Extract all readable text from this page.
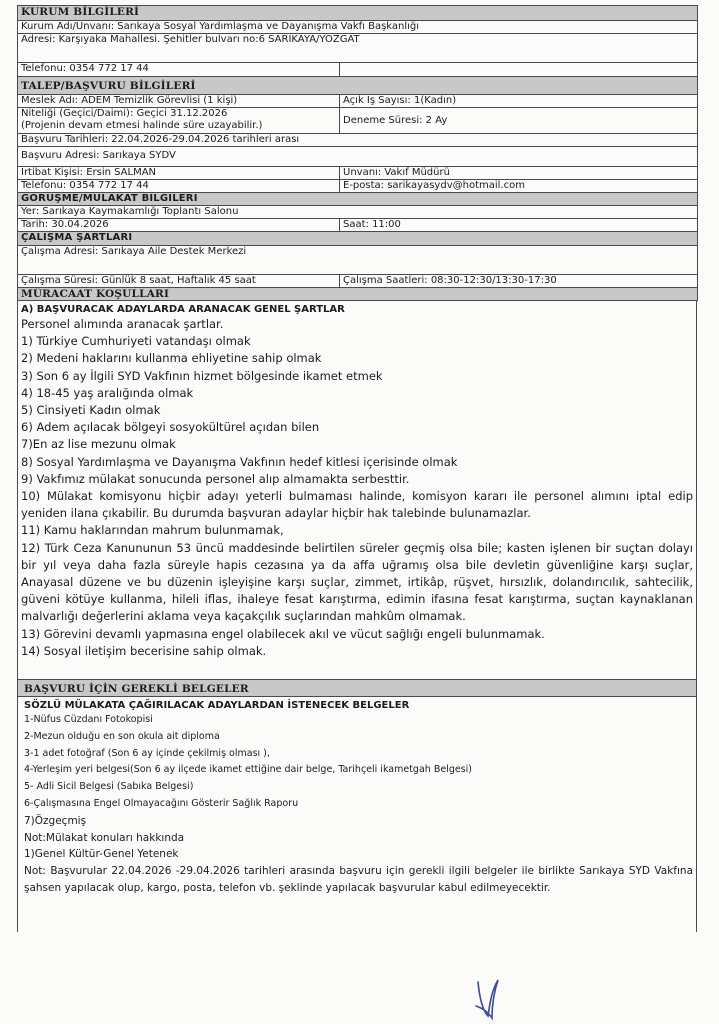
KURUM BİLGİLERİ	
Kurum Adı/Unvanı: Sarıkaya Sosyal Yardımlaşma ve Dayanışma Vakfı Başkanlığı	
Adresi: Karşıyaka Mahallesi. Şehitler bulvarı no:6 SARIKAYA/YOZGAT	
Telefonu: 0354 772 17 44	
TALEP/BAŞVURU BİLGİLERİ	
Meslek Adı: ADEM Temizlik Görevlisi (1 kişi)	Açık İş Sayısı: 1(Kadın)

Niteliği (Geçici/Daimi): Geçici 31.12.2026
(Projenin devam etmesi halinde süre uzayabilir.)	Deneme Süresi: 2 Ay
Başvuru Tarihleri: 22.04.2026-29.04.2026 tarihleri arası	
Başvuru Adresi: Sarıkaya SYDV	
İrtibat Kişisi: Ersin SALMAN	Unvanı: Vakıf Müdürü
Telefonu: 0354 772 17 44	E-posta: sarikayasydv@hotmail.com
GÖRÜŞME/MÜLAKAT BİLGİLERİ	
Yer: Sarıkaya Kaymakamlığı Toplantı Salonu	
Tarih: 30.04.2026	Saat: 11:00
ÇALIŞMA ŞARTLARI	
Çalışma Adresi: Sarıkaya Aile Destek Merkezi	
Çalışma Süresi: Günlük 8 saat, Haftalık 45 saat	Çalışma Saatleri: 08:30-12:30/13:30-17:30
MÜRACAAT KOŞULLARI	
A) BAŞVURACAK ADAYLARDA ARANACAK GENEL ŞARTLAR

Personel alımında aranacak şartlar.

1) Türkiye Cumhuriyeti vatandaşı olmak

2) Medeni haklarını kullanma ehliyetine sahip olmak

3) Son 6 ay İlgili SYD Vakfının hizmet bölgesinde ikamet etmek

4) 18-45 yaş aralığında olmak

5) Cinsiyeti Kadın olmak

6) Adem açılacak bölgeyi sosyokültürel açıdan bilen

7)En az lise mezunu olmak

8) Sosyal Yardımlaşma ve Dayanışma Vakfının hedef kitlesi içerisinde olmak

9) Vakfımız mülakat sonucunda personel alıp almamakta serbesttir.

10) Mülakat komisyonu hiçbir adayı yeterli bulmaması halinde, komisyon kararı ile personel alımını iptal edip yeniden ilana çıkabilir. Bu durumda başvuran adaylar hiçbir hak talebinde bulunamazlar.

11) Kamu haklarından mahrum bulunmamak,

12) Türk Ceza Kanununun 53 üncü maddesinde belirtilen süreler geçmiş olsa bile; kasten işlenen bir suçtan dolayı bir yıl veya daha fazla süreyle hapis cezasına ya da affa uğramış olsa bile devletin güvenliğine karşı suçlar, Anayasal düzene ve bu düzenin işleyişine karşı suçlar, zimmet, irtikâp, rüşvet, hırsızlık, dolandırıcılık, sahtecilik, güveni kötüye kullanma, hileli iflas, ihaleye fesat karıştırma, edimin ifasına fesat karıştırma, suçtan kaynaklanan malvarlığı değerlerini aklama veya kaçakçılık suçlarından mahkûm olmamak.

13) Görevini devamlı yapmasına engel olabilecek akıl ve vücut sağlığı engeli bulunmamak.

14) Sosyal iletişim becerisine sahip olmak.

BAŞVURU İÇİN GEREKLİ BELGELER
SÖZLÜ MÜLAKATA ÇAĞIRILACAK ADAYLARDAN İSTENECEK BELGELER

1-Nüfus Cüzdanı Fotokopisi

2-Mezun olduğu en son okula ait diploma

3-1 adet fotoğraf (Son 6 ay içinde çekilmiş olması ),

4-Yerleşim yeri belgesi(Son 6 ay ilçede ikamet ettiğine dair belge, Tarihçeli ikametgah Belgesi)

5- Adli Sicil Belgesi (Sabıka Belgesi)

6-Çalışmasına Engel Olmayacağını Gösterir Sağlık Raporu

7)Özgeçmiş

Not:Mülakat konuları hakkında

1)Genel Kültür-Genel Yetenek

Not: Başvurular 22.04.2026 -29.04.2026 tarihleri arasında başvuru için gerekli ilgili belgeler ile birlikte Sarıkaya SYD Vakfına şahsen yapılacak olup, kargo, posta, telefon vb. şeklinde yapılacak başvurular kabul edilmeyecektir.
